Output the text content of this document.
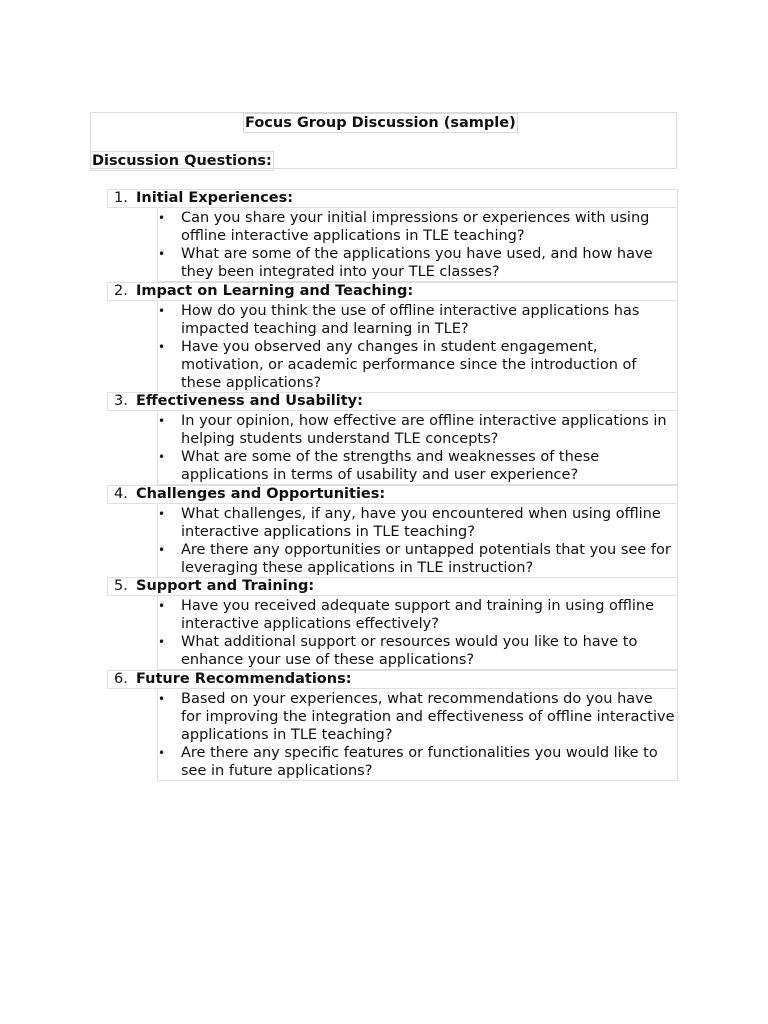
Focus Group Discussion (sample)
Discussion Questions:
1. Initial Experiences:
• Can you share your initial impressions or experiences with using offline interactive applications in TLE teaching?
• What are some of the applications you have used, and how have they been integrated into your TLE classes?
2. Impact on Learning and Teaching:
• How do you think the use of offline interactive applications has impacted teaching and learning in TLE?
• Have you observed any changes in student engagement, motivation, or academic performance since the introduction of these applications?
3. Effectiveness and Usability:
• In your opinion, how effective are offline interactive applications in helping students understand TLE concepts?
• What are some of the strengths and weaknesses of these applications in terms of usability and user experience?
4. Challenges and Opportunities:
• What challenges, if any, have you encountered when using offline interactive applications in TLE teaching?
• Are there any opportunities or untapped potentials that you see for leveraging these applications in TLE instruction?
5. Support and Training:
• Have you received adequate support and training in using offline interactive applications effectively?
• What additional support or resources would you like to have to enhance your use of these applications?
6. Future Recommendations:
• Based on your experiences, what recommendations do you have for improving the integration and effectiveness of offline interactive applications in TLE teaching?
• Are there any specific features or functionalities you would like to see in future applications?
